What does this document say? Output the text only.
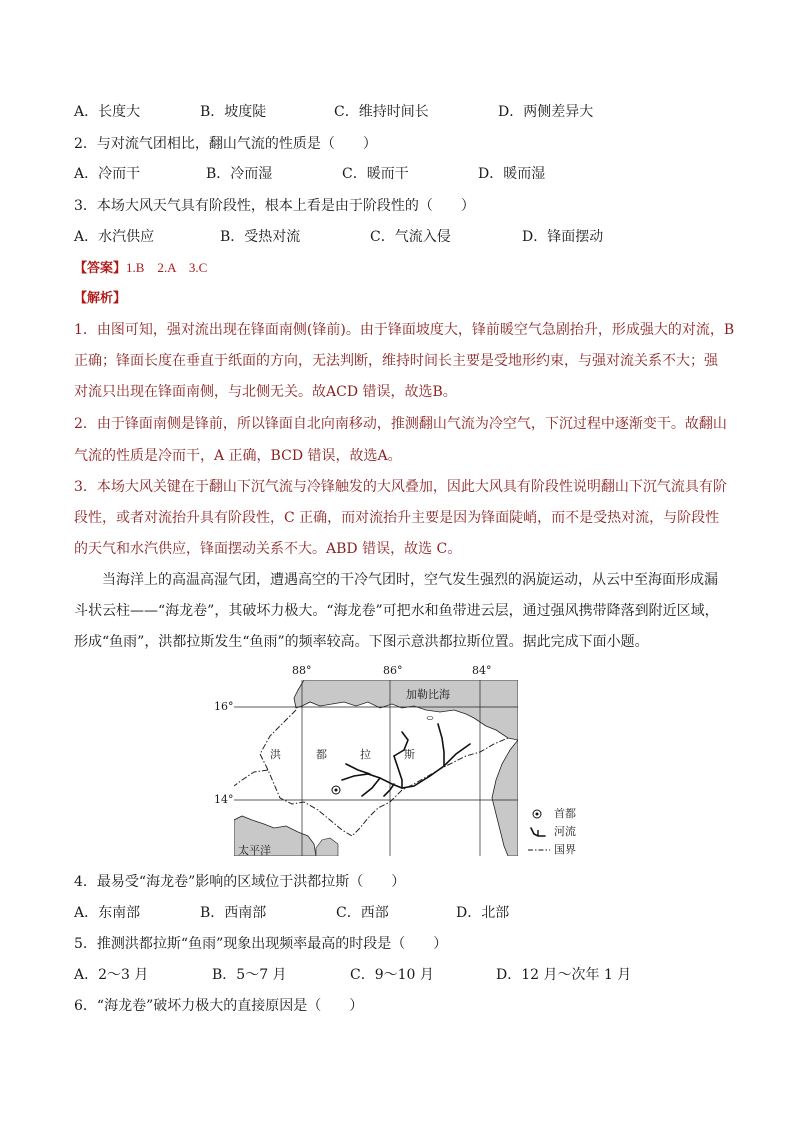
A．长度大	B．坡度陡	C．维持时间长	D．两侧差异大
2．与对流气团相比，翻山气流的性质是（　　）
A．冷而干	B．冷而湿	C．暖而干	D．暖而湿
3．本场大风天气具有阶段性，根本上看是由于阶段性的（　　）
A．水汽供应	B．受热对流	C．气流入侵	D．锋面摆动
【答案】1.B　2.A　3.C
【解析】
1．由图可知，强对流出现在锋面南侧(锋前)。由于锋面坡度大，锋前暖空气急剧抬升，形成强大的对流，B
正确；锋面长度在垂直于纸面的方向，无法判断，维持时间长主要是受地形约束，与强对流关系不大；强
对流只出现在锋面南侧，与北侧无关。故ACD 错误，故选B。
2．由于锋面南侧是锋前，所以锋面自北向南移动，推测翻山气流为冷空气，下沉过程中逐渐变干。故翻山
气流的性质是冷而干，A 正确，BCD 错误，故选A。
3．本场大风关键在于翻山下沉气流与冷锋触发的大风叠加，因此大风具有阶段性说明翻山下沉气流具有阶
段性，或者对流抬升具有阶段性，C 正确，而对流抬升主要是因为锋面陡峭，而不是受热对流，与阶段性
的天气和水汽供应，锋面摆动关系不大。ABD 错误，故选 C。
当海洋上的高温高湿气团，遭遇高空的干冷气团时，空气发生强烈的涡旋运动，从云中至海面形成漏
斗状云柱——“海龙卷”，其破坏力极大。“海龙卷”可把水和鱼带进云层，通过强风携带降落到附近区域，
形成“鱼雨”，洪都拉斯发生“鱼雨”的频率较高。下图示意洪都拉斯位置。据此完成下面小题。
88°	86°	84°
16°
14°
加勒比海
太平洋
洪	都	拉	斯
首都
河流
国界
4．最易受“海龙卷”影响的区域位于洪都拉斯（　　）
A．东南部	B．西南部	C．西部	D．北部
5．推测洪都拉斯“鱼雨”现象出现频率最高的时段是（　　）
A．2～3 月	B．5～7 月	C．9～10 月	D．12 月～次年 1 月
6．“海龙卷”破坏力极大的直接原因是（　　）
